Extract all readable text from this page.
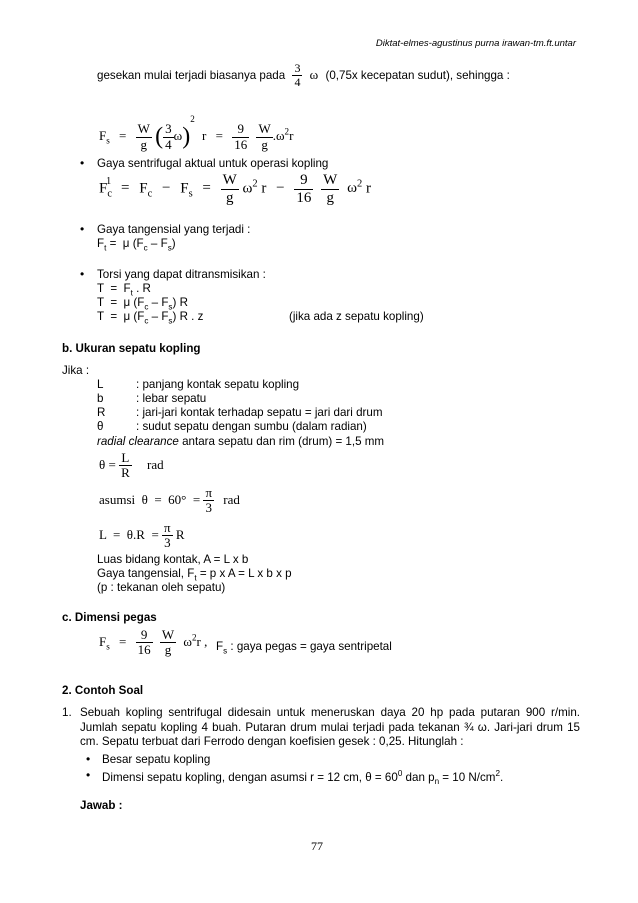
Diktat-elmes-agustinus purna irawan-tm.ft.untar
gesekan mulai terjadi biasanya pada $\frac{3}{4}$ ω (0,75x kecepatan sudut), sehingga :
$F_s = \frac{W}{g}$ ( $\frac{3}{4} \omega)^2$ $r = \frac{9}{16}$
$\frac{W}{g} .\omega^2r$
• Gaya sentrifugal aktual untuk operasi kopling
$F_c^1 = F_c - F_s = \frac{W}{g} \omega^2$ $r - \frac{9}{16}$
$\frac{W}{g} \omega^2$ r
• Gaya tangensial yang terjadi :
$F_t = \mu$ $(F_c - F_s)$
• Torsi yang dapat ditransmisikan :
$T = F_t$ . R
T  =  μ $(F_c - F_s)$ R
T  =  μ $(F_c - F_s)$ R . z	(jika ada z sepatu kopling)
b. Ukuran sepatu kopling
Jika :
L	: panjang kontak sepatu kopling
b	: lebar sepatu
R	: jari-jari kontak terhadap sepatu = jari dari drum
θ	: sudut sepatu dengan sumbu (dalam radian)
radial clearance antara sepatu dan rim (drum) = 1,5 mm
$\theta = \frac{L}{R}$ rad
asumsi  $\theta = 60^\circ = \frac{\pi}{3}$ rad
$L = \theta.R = \frac{\pi}{3}$ R
Luas bidang kontak, A = L x b
Gaya tangensial, $F_t = p$ x A = L x b x p
(p : tekanan oleh sepatu)
c. Dimensi pegas
$F_s = \frac{9}{16}$
$\frac{W}{g} \omega^2r$ , $F_s$ : gaya pegas = gaya sentripetal
2. Contoh Soal
1. Sebuah kopling sentrifugal didesain untuk meneruskan daya 20 hp pada putaran 900 r/min. Jumlah sepatu kopling 4 buah. Putaran drum mulai terjadi pada tekanan ¾ ω. Jari-jari drum 15 cm. Sepatu terbuat dari Ferrodo dengan koefisien gesek : 0,25. Hitunglah :
• Besar sepatu kopling
• Dimensi sepatu kopling, dengan asumsi r = 12 cm, $\theta = 60^0$ dan $p_n = 10$ $N/cm^2$.
Jawab :
77
